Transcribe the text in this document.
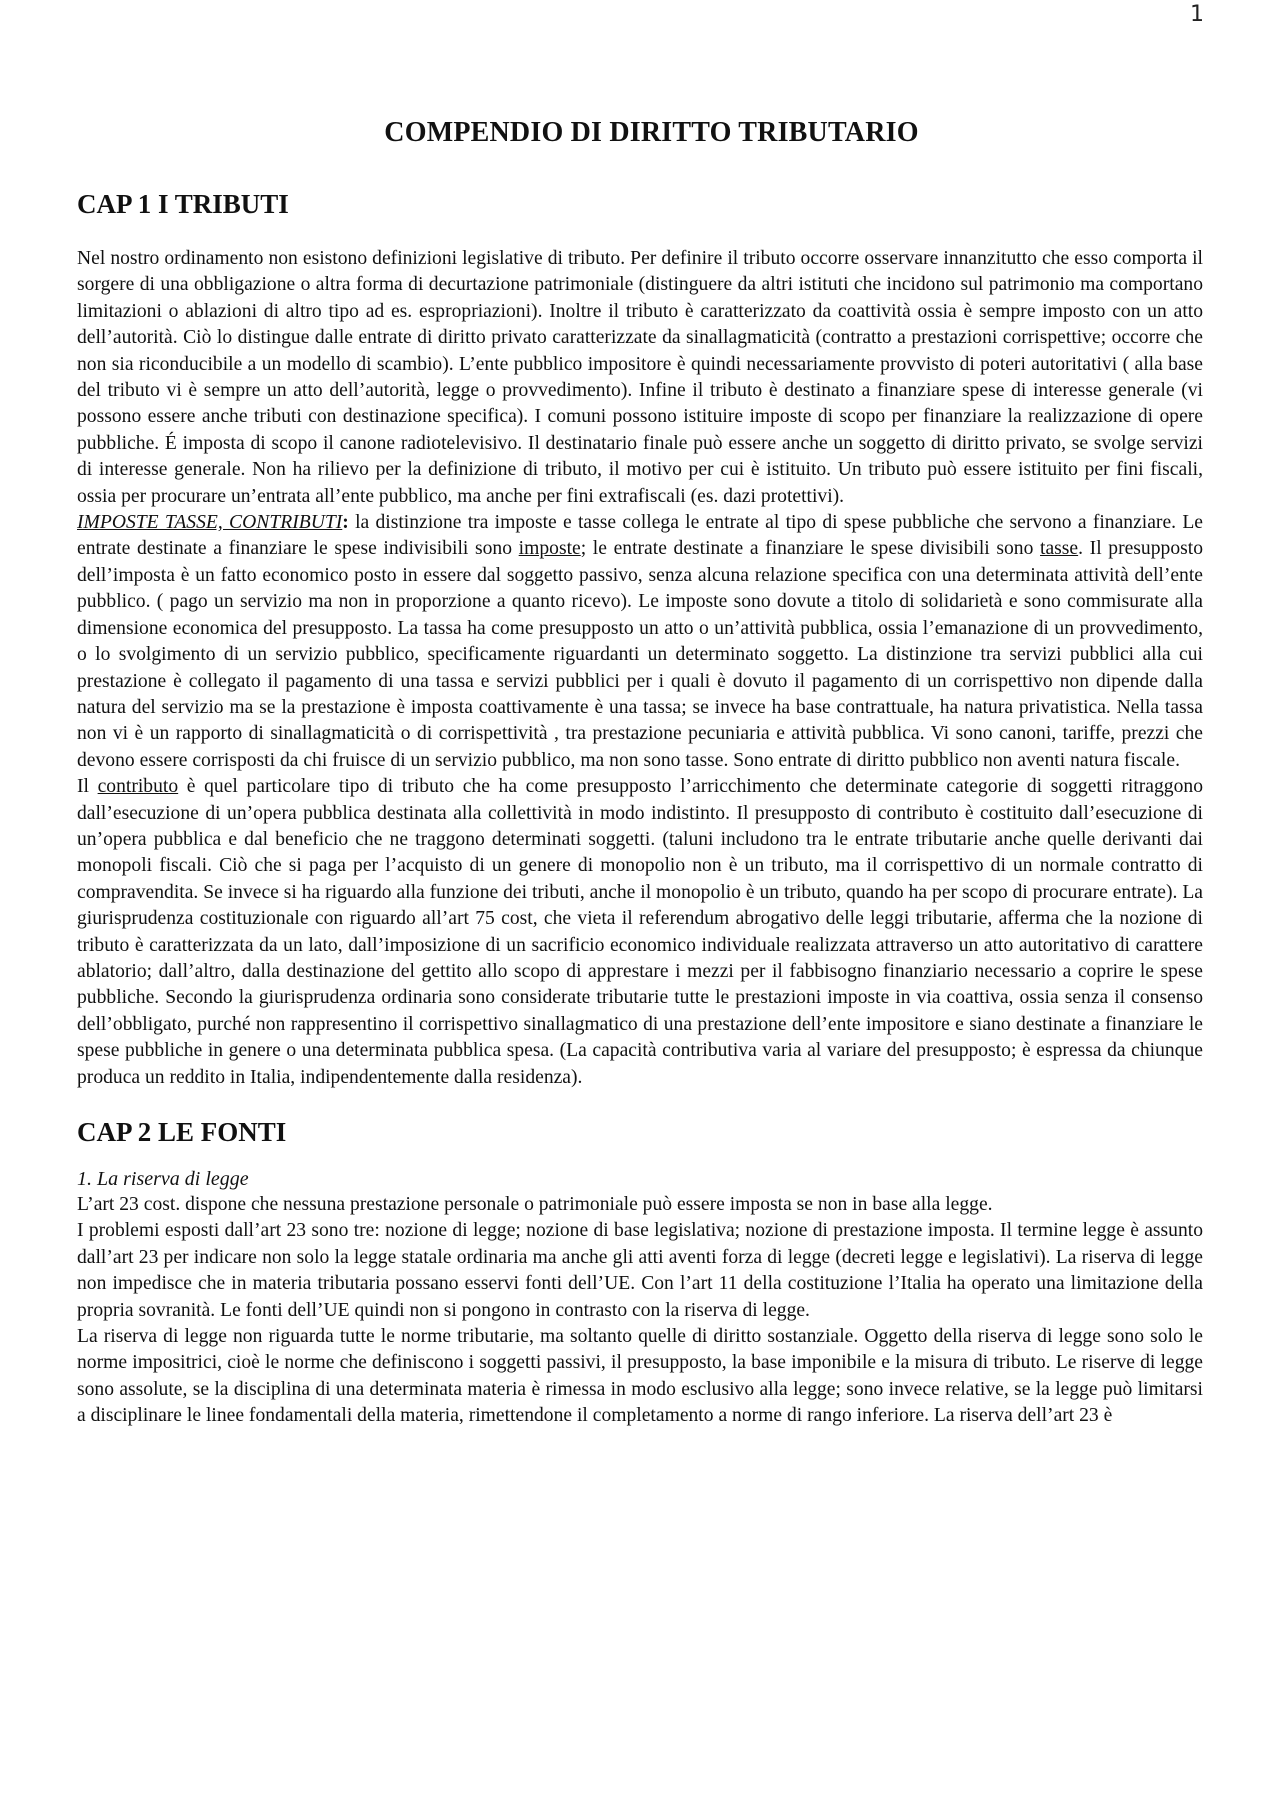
1
COMPENDIO DI DIRITTO TRIBUTARIO
CAP 1 I TRIBUTI

Nel nostro ordinamento non esistono definizioni legislative di tributo. Per definire il tributo occorre osservare innanzitutto che esso comporta il sorgere di una obbligazione o altra forma di decurtazione patrimoniale (distinguere da altri istituti che incidono sul patrimonio ma comportano limitazioni o ablazioni di altro tipo ad es. espropriazioni). Inoltre il tributo è caratterizzato da coattività ossia è sempre imposto con un atto dell’autorità. Ciò lo distingue dalle entrate di diritto privato caratterizzate da sinallagmaticità (contratto a prestazioni corrispettive; occorre che non sia riconducibile a un modello di scambio). L’ente pubblico impositore è quindi necessariamente provvisto di poteri autoritativi ( alla base del tributo vi è sempre un atto dell’autorità, legge o provvedimento). Infine il tributo è destinato a finanziare spese di interesse generale (vi possono essere anche tributi con destinazione specifica). I comuni possono istituire imposte di scopo per finanziare la realizzazione di opere pubbliche. É imposta di scopo il canone radiotelevisivo. Il destinatario finale può essere anche un soggetto di diritto privato, se svolge servizi di interesse generale. Non ha rilievo per la definizione di tributo, il motivo per cui è istituito. Un tributo può essere istituito per fini fiscali, ossia per procurare un’entrata all’ente pubblico, ma anche per fini extrafiscali (es. dazi protettivi).

IMPOSTE TASSE, CONTRIBUTI: la distinzione tra imposte e tasse collega le entrate al tipo di spese pubbliche che servono a finanziare. Le entrate destinate a finanziare le spese indivisibili sono imposte; le entrate destinate a finanziare le spese divisibili sono tasse. Il presupposto dell’imposta è un fatto economico posto in essere dal soggetto passivo, senza alcuna relazione specifica con una determinata attività dell’ente pubblico. ( pago un servizio ma non in proporzione a quanto ricevo). Le imposte sono dovute a titolo di solidarietà e sono commisurate alla dimensione economica del presupposto. La tassa ha come presupposto un atto o un’attività pubblica, ossia l’emanazione di un provvedimento, o lo svolgimento di un servizio pubblico, specificamente riguardanti un determinato soggetto. La distinzione tra servizi pubblici alla cui prestazione è collegato il pagamento di una tassa e servizi pubblici per i quali è dovuto il pagamento di un corrispettivo non dipende dalla natura del servizio ma se la prestazione è imposta coattivamente è una tassa; se invece ha base contrattuale, ha natura privatistica. Nella tassa non vi è un rapporto di sinallagmaticità o di corrispettività , tra prestazione pecuniaria e attività pubblica. Vi sono canoni, tariffe, prezzi che devono essere corrisposti da chi fruisce di un servizio pubblico, ma non sono tasse. Sono entrate di diritto pubblico non aventi natura fiscale.

Il contributo è quel particolare tipo di tributo che ha come presupposto l’arricchimento che determinate categorie di soggetti ritraggono dall’esecuzione di un’opera pubblica destinata alla collettività in modo indistinto. Il presupposto di contributo è costituito dall’esecuzione di un’opera pubblica e dal beneficio che ne traggono determinati soggetti. (taluni includono tra le entrate tributarie anche quelle derivanti dai monopoli fiscali. Ciò che si paga per l’acquisto di un genere di monopolio non è un tributo, ma il corrispettivo di un normale contratto di compravendita. Se invece si ha riguardo alla funzione dei tributi, anche il monopolio è un tributo, quando ha per scopo di procurare entrate). La giurisprudenza costituzionale con riguardo all’art 75 cost, che vieta il referendum abrogativo delle leggi tributarie, afferma che la nozione di tributo è caratterizzata da un lato, dall’imposizione di un sacrificio economico individuale realizzata attraverso un atto autoritativo di carattere ablatorio; dall’altro, dalla destinazione del gettito allo scopo di apprestare i mezzi per il fabbisogno finanziario necessario a coprire le spese pubbliche. Secondo la giurisprudenza ordinaria sono considerate tributarie tutte le prestazioni imposte in via coattiva, ossia senza il consenso dell’obbligato, purché non rappresentino il corrispettivo sinallagmatico di una prestazione dell’ente impositore e siano destinate a finanziare le spese pubbliche in genere o una determinata pubblica spesa. (La capacità contributiva varia al variare del presupposto; è espressa da chiunque produca un reddito in Italia, indipendentemente dalla residenza).

CAP 2 LE FONTI
1. La riserva di legge

L’art 23 cost. dispone che nessuna prestazione personale o patrimoniale può essere imposta se non in base alla legge.

I problemi esposti dall’art 23 sono tre: nozione di legge; nozione di base legislativa; nozione di prestazione imposta. Il termine legge è assunto dall’art 23 per indicare non solo la legge statale ordinaria ma anche gli atti aventi forza di legge (decreti legge e legislativi). La riserva di legge non impedisce che in materia tributaria possano esservi fonti dell’UE. Con l’art 11 della costituzione l’Italia ha operato una limitazione della propria sovranità. Le fonti dell’UE quindi non si pongono in contrasto con la riserva di legge.

La riserva di legge non riguarda tutte le norme tributarie, ma soltanto quelle di diritto sostanziale. Oggetto della riserva di legge sono solo le norme impositrici, cioè le norme che definiscono i soggetti passivi, il presupposto, la base imponibile e la misura di tributo. Le riserve di legge sono assolute, se la disciplina di una determinata materia è rimessa in modo esclusivo alla legge; sono invece relative, se la legge può limitarsi a disciplinare le linee fondamentali della materia, rimettendone il completamento a norme di rango inferiore. La riserva dell’art 23 è
